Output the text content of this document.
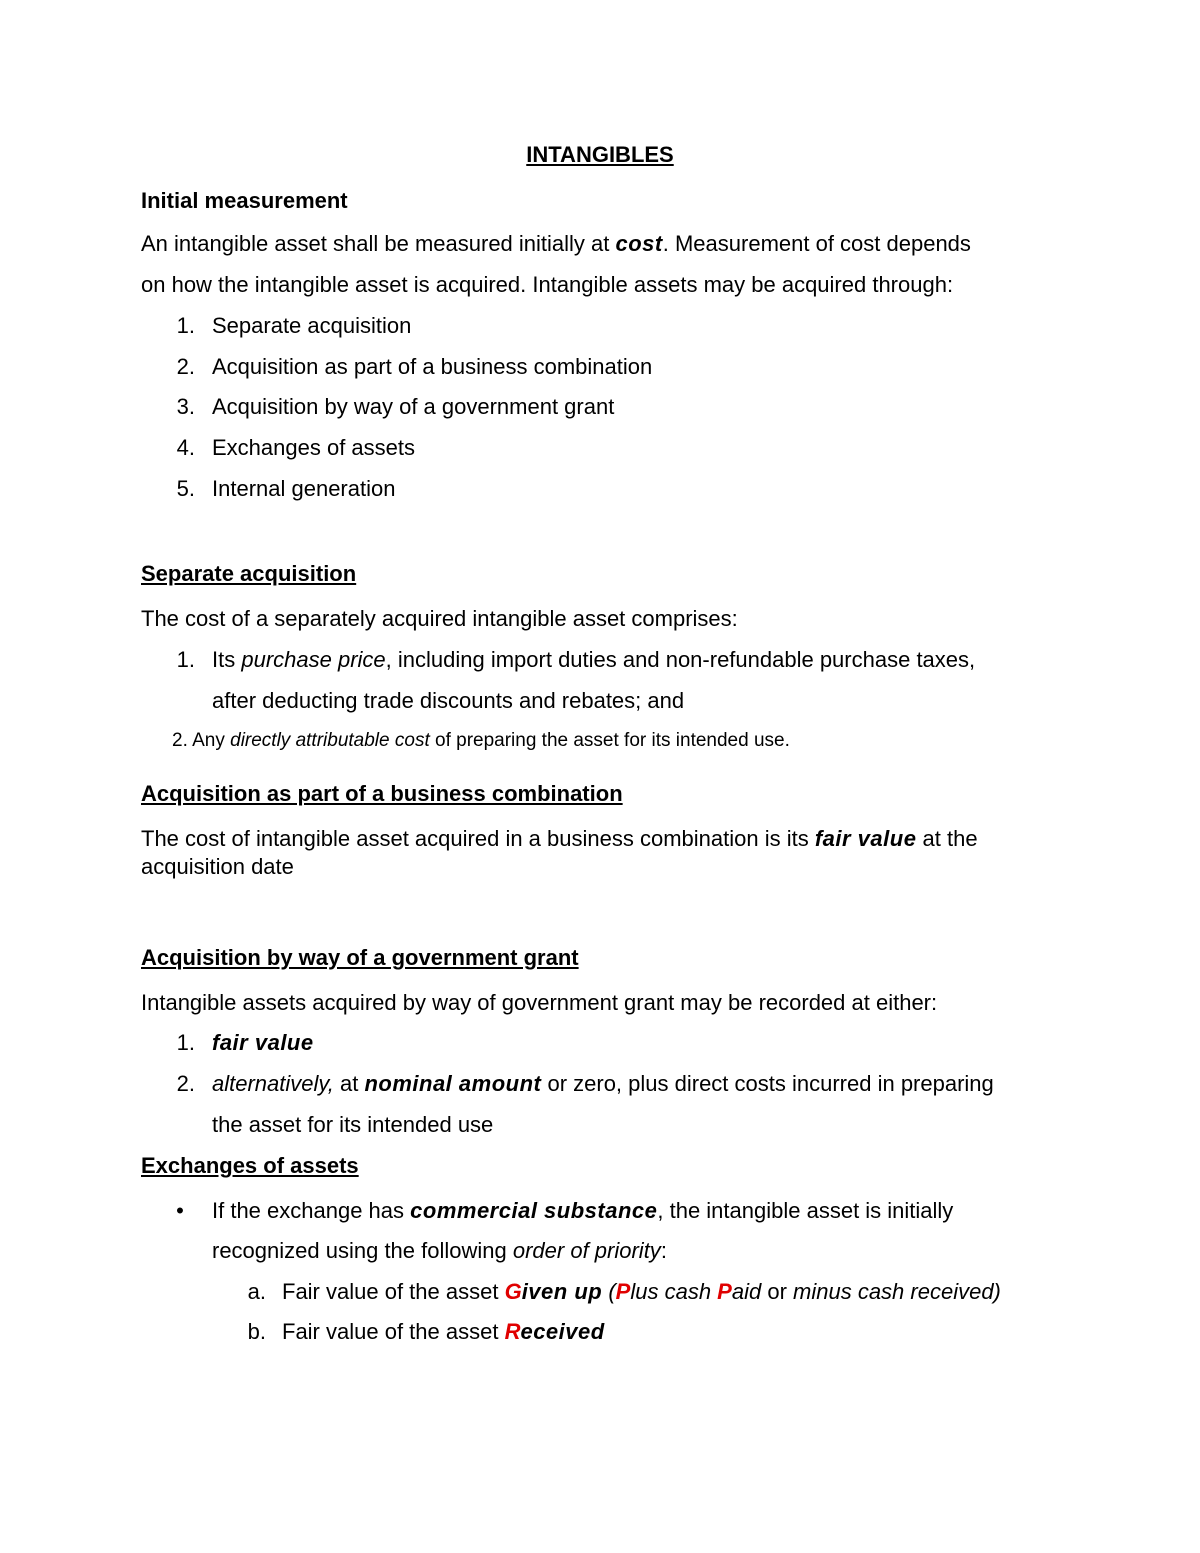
INTANGIBLES
Initial measurement
An intangible asset shall be measured initially at cost. Measurement of cost depends
on how the intangible asset is acquired. Intangible assets may be acquired through:
1. Separate acquisition
2. Acquisition as part of a business combination
3. Acquisition by way of a government grant
4. Exchanges of assets
5. Internal generation
Separate acquisition
The cost of a separately acquired intangible asset comprises:
1. Its purchase price, including import duties and non-refundable purchase taxes,
after deducting trade discounts and rebates; and
2. Any directly attributable cost of preparing the asset for its intended use.
Acquisition as part of a business combination
The cost of intangible asset acquired in a business combination is its fair value at the
acquisition date
Acquisition by way of a government grant
Intangible assets acquired by way of government grant may be recorded at either:
1. fair value
2. alternatively, at nominal amount or zero, plus direct costs incurred in preparing
the asset for its intended use
Exchanges of assets
•	If the exchange has commercial substance, the intangible asset is initially
recognized using the following order of priority:
a. Fair value of the asset Given up (Plus cash Paid or minus cash received)
b. Fair value of the asset Received
